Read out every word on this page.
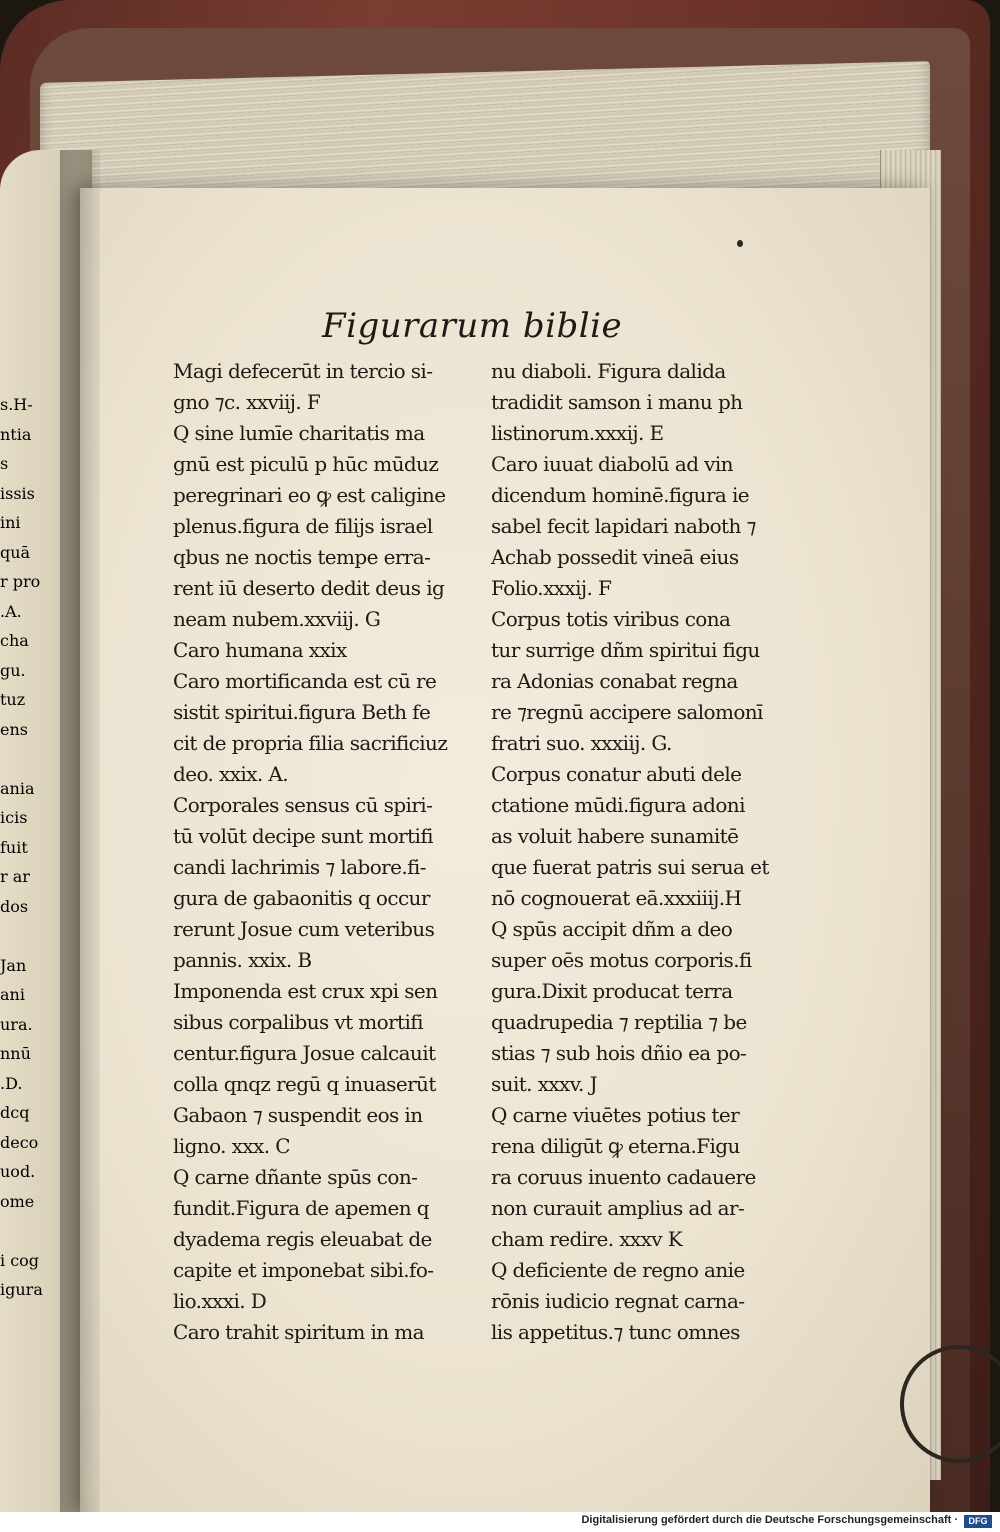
Figurarum biblie
Magi defecerūt in tercio si-
gno ⁊c. xxviij. F
Q sine lumīe charitatis ma
gnū est piculū p hūc mūduz
peregrinari eo ꝙ est caligine
plenus.figura de filijs israel
qbus ne noctis tempe erra-
rent iū deserto dedit deus ig
neam nubem.xxviij. G
Caro humana xxix
Caro mortificanda est cū re
sistit spiritui.figura Beth fe
cit de propria filia sacrificiuz
deo. xxix. A.
Corporales sensus cū spiri-
tū volūt decipe sunt mortifi
candi lachrimis ⁊ labore.fi-
gura de gabaonitis q occur
rerunt Josue cum veteribus
pannis. xxix. B
Imponenda est crux xpi sen
sibus corpalibus vt mortifi
centur.figura Josue calcauit
colla qnqz regū q inuaserūt
Gabaon ⁊ suspendit eos in
ligno. xxx. C
Q carne dñante spūs con-
fundit.Figura de apemen q
dyadema regis eleuabat de
capite et imponebat sibi.fo-
lio.xxxi. D
Caro trahit spiritum in ma
nu diaboli. Figura dalida
tradidit samson i manu ph
listinorum.xxxij. E
Caro iuuat diabolū ad vin
dicendum hominē.figura ie
sabel fecit lapidari naboth ⁊
Achab possedit vineā eius
Folio.xxxij. F
Corpus totis viribus cona
tur surrige dñm spiritui figu
ra Adonias conabat regna
re ⁊regnū accipere salomonī
fratri suo. xxxiij. G.
Corpus conatur abuti dele
ctatione mūdi.figura adoni
as voluit habere sunamitē
que fuerat patris sui serua et
nō cognouerat eā.xxxiiij.H
Q spūs accipit dñm a deo
super oēs motus corporis.fi
gura.Dixit producat terra
quadrupedia ⁊ reptilia ⁊ be
stias ⁊ sub hois dñio ea po-
suit. xxxv. J
Q carne viuētes potius ter
rena diligūt ꝙ eterna.Figu
ra coruus inuento cadauere
non curauit amplius ad ar-
cham redire. xxxv K
Q deficiente de regno anie
rōnis iudicio regnat carna-
lis appetitus.⁊ tunc omnes
s.H-
ntia
s
issis
ini
quā
r pro
.A.
cha
gu.
tuz
ens
ania
icis
fuit
r ar
dos
Jan
ani
ura.
nnū
.D.
dcq
deco
uod.
ome
i cog
igura
Digitalisierung gefördert durch die Deutsche Forschungsgemeinschaft ·	DFG
